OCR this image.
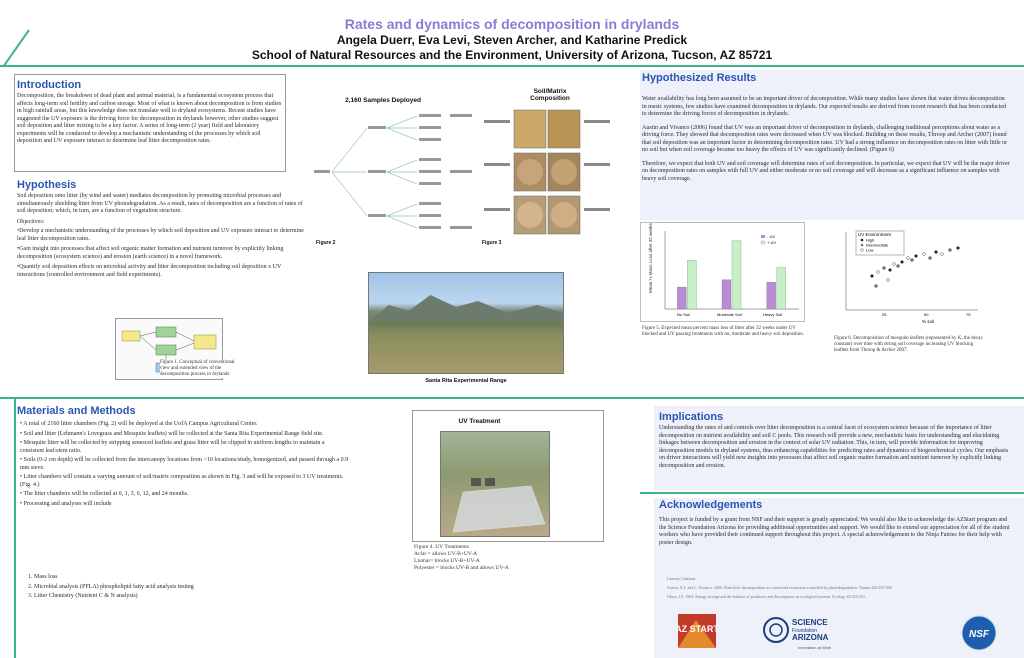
Rates and dynamics of decomposition in drylands
Angela Duerr, Eva Levi, Steven Archer, and Katharine Predick
School of Natural Resources and the Environment, University of Arizona, Tucson, AZ 85721
Introduction
Decomposition, the breakdown of dead plant and animal material, is a fundamental ecosystem process that affects long-term soil fertility and carbon storage. Most of what is known about decomposition is from studies in high rainfall areas, but this knowledge does not translate well to dryland ecosystems. Recent studies have suggested the UV exposure is the driving force for decomposition in drylands however, other studies suggest soil deposition and litter mixing to be a key factor. A series of long-term (2 year) field and laboratory experiments will be conducted to develop a mechanistic understanding of the processes by which soil deposition and UV exposure interact to determine leaf litter decomposition rates.
Hypothesis

Soil deposition onto litter (by wind and water) mediates decomposition by promoting microbial processes and simultaneously shielding litter from UV photodegradation. As a result, rates of decomposition are a function of rates of soil deposition; which, in turn, are a function of vegetation structure.

Objectives:

•Develop a mechanistic understanding of the processes by which soil deposition and UV exposure interact to determine leaf litter decomposition rates.

•Gain insight into processes that affect soil organic matter formation and nutrient turnover by explicitly linking decomposition (ecosystem science) and erosion (earth science) in a novel framework.

•Quantify soil deposition effects on microbial activity and litter decomposition including soil deposition x UV interactions (controlled environment and field experiments).

Figure 1. Conceptual of conventional view and extended view of the decomposition process in drylands
2,160 Samples Deployed
Figure 2
Soil/Matrix Composition
Figure 3
Santa Rita Experimental Range
Hypothesized Results

Water availability has long been assumed to be an important driver of decomposition. While many studies have shown that water drives decomposition in mesic systems, few studies have examined decomposition in drylands. Our expected results are derived from recent research that has been conducted to determine the driving forces of decomposition in drylands.

Austin and Vivanco (2006) found that UV was an important driver of decomposition in drylands, challenging traditional perceptions about water as a driving force. They showed that decomposition rates were decreased when UV was blocked. Building on these results, Throop and Archer (2007) found that soil deposition was an important factor in determining decomposition rates. UV had a strong influence on decomposition rates on litter with little or no soil but when soil coverage became too heavy the effects of UV was significantly declined. (Figure 6)

Therefore, we expect that both UV and soil coverage will determine rates of soil decomposition. In particular, we expect that UV will be the major driver on decomposition rates on samples with full UV and either moderate or no soil coverage and will decrease as a significant influence on samples with heavy soil coverage.

Mean % Mass Loss after 32 weeks
No Soil	Moderate Soil	Heavy Soil
- UV
+ UV
Figure 5. Expected mean percent mass loss of litter after 32 weeks under UV blocked and UV passing treatments with no, moderate and heavy soil deposition.
UV Environment
High
Intermediate
Low
25	50	75
% soil
Figure 6. Decomposition of mesquite leaflets (represented by K, the decay constant) over time with strong soil coverage increasing UV blocking leaflets from Throop & Archer 2007.
Materials and Methods

• A total of 2160 litter chambers (Fig. 2) will be deployed at the UofA Campus Agricultural Center.

• Soil and litter (Lehmann's Lovegrass and Mesquite leaflets) will be collected at the Santa Rita Experimental Range field site.

• Mesquite litter will be collected by stripping senesced leaflets and grass litter will be clipped in uniform lengths to maintain a consistent leaf:stem ratio.

• Soils (0-2 cm depth) will be collected from the intercanopy locations from >10 locations/study, homogenized, and passed through a 0.9 mm sieve.

• Litter chambers will contain a varying amount of soil/matrix composition as shown in Fig. 3 and will be exposed to 3 UV treatments. (Fig. 4.)

• The litter chambers will be collected at 0, 1, 3, 6, 12, and 24 months.

• Processing and analyses will include

1. Mass loss

2. Microbial analysis (PFLA) phospholipid fatty acid analysis testing

3. Litter Chemistry (Nutrient C & N analysis)

UV Treatment
Figure 4. UV Treatments
Aclar = allows UV-B+UV-A
Llumar= blocks UV-B+UV-A
Polyester = blocks UV-B and allows UV-A
Implications
Understanding the rates of and controls over litter decomposition is a central facet of ecosystem science because of the importance of litter decomposition on nutrient availability and soil C pools. This research will provide a new, mechanistic basis for understanding and elucidating linkages between decomposition and erosion in the context of solar UV radiation. This, in turn, will provide information for improving decomposition models in dryland systems, thus enhancing capabilities for predicting rates and dynamics of biogeochemical cycles. Our emphasis on driver interactions will yield new insights into processes that affect soil organic matter formation and nutrient turnover by explicitly linking decomposition and erosion.
Acknowledgements
This project is funded by a grant from NSF and their support is greatly appreciated. We would also like to acknowledge the AZStart program and the Science Foundation Arizona for providing additional opportunities and support. We would like to extend our appreciation for all of the student workers who have provided their continued support throughout this project. A special acknowledgement to the Ninja Fairies for their help with poster design.
Literary Citations
Austin, A.T. and L. Vivanco. 2006. Plant litter decomposition in a semi-arid ecosystem controlled by photodegradation. Nature 442:555-558.
Olson, J.S. 1963. Energy storage and the balance of producers and decomposers in ecological systems. Ecology 44:322-331.
AZ START
SCIENCE
Foundation
ARIZONA
Innovation at Work
NSF
